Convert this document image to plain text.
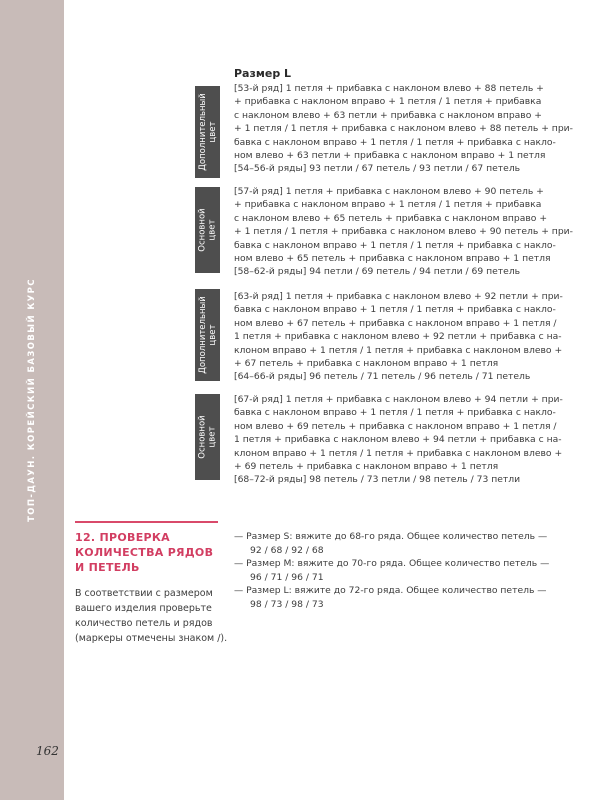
ТОП-ДАУН. КОРЕЙСКИЙ БАЗОВЫЙ КУРС
162
Размер L
Дополнительный
цвет
[53-й ряд] 1 петля + прибавка с наклоном влево + 88 петель +
+ прибавка с наклоном вправо + 1 петля / 1 петля + прибавка
с наклоном влево + 63 петли + прибавка с наклоном вправо +
+ 1 петля / 1 петля + прибавка с наклоном влево + 88 петель + при-
бавка с наклоном вправо + 1 петля / 1 петля + прибавка с накло-
ном влево + 63 петли + прибавка с наклоном вправо + 1 петля
[54–56-й ряды] 93 петли / 67 петель / 93 петли / 67 петель
Основной
цвет
[57-й ряд] 1 петля + прибавка с наклоном влево + 90 петель +
+ прибавка с наклоном вправо + 1 петля / 1 петля + прибавка
с наклоном влево + 65 петель + прибавка с наклоном вправо +
+ 1 петля / 1 петля + прибавка с наклоном влево + 90 петель + при-
бавка с наклоном вправо + 1 петля / 1 петля + прибавка с накло-
ном влево + 65 петель + прибавка с наклоном вправо + 1 петля
[58–62-й ряды] 94 петли / 69 петель / 94 петли / 69 петель
Дополнительный
цвет
[63-й ряд] 1 петля + прибавка с наклоном влево + 92 петли + при-
бавка с наклоном вправо + 1 петля / 1 петля + прибавка с накло-
ном влево + 67 петель + прибавка с наклоном вправо + 1 петля /
1 петля + прибавка с наклоном влево + 92 петли + прибавка с на-
клоном вправо + 1 петля / 1 петля + прибавка с наклоном влево +
+ 67 петель + прибавка с наклоном вправо + 1 петля
[64–66-й ряды] 96 петель / 71 петель / 96 петель / 71 петель
Основной
цвет
[67-й ряд] 1 петля + прибавка с наклоном влево + 94 петли + при-
бавка с наклоном вправо + 1 петля / 1 петля + прибавка с накло-
ном влево + 69 петель + прибавка с наклоном вправо + 1 петля /
1 петля + прибавка с наклоном влево + 94 петли + прибавка с на-
клоном вправо + 1 петля / 1 петля + прибавка с наклоном влево +
+ 69 петель + прибавка с наклоном вправо + 1 петля
[68–72-й ряды] 98 петель / 73 петли / 98 петель / 73 петли
12. ПРОВЕРКА
КОЛИЧЕСТВА РЯДОВ
И ПЕТЕЛЬ
В соответствии с размером
вашего изделия проверьте
количество петель и рядов
(маркеры отмечены знаком /).
— Размер S: вяжите до 68-го ряда. Общее количество петель —
92 / 68 / 92 / 68
— Размер M: вяжите до 70-го ряда. Общее количество петель —
96 / 71 / 96 / 71
— Размер L: вяжите до 72-го ряда. Общее количество петель —
98 / 73 / 98 / 73
